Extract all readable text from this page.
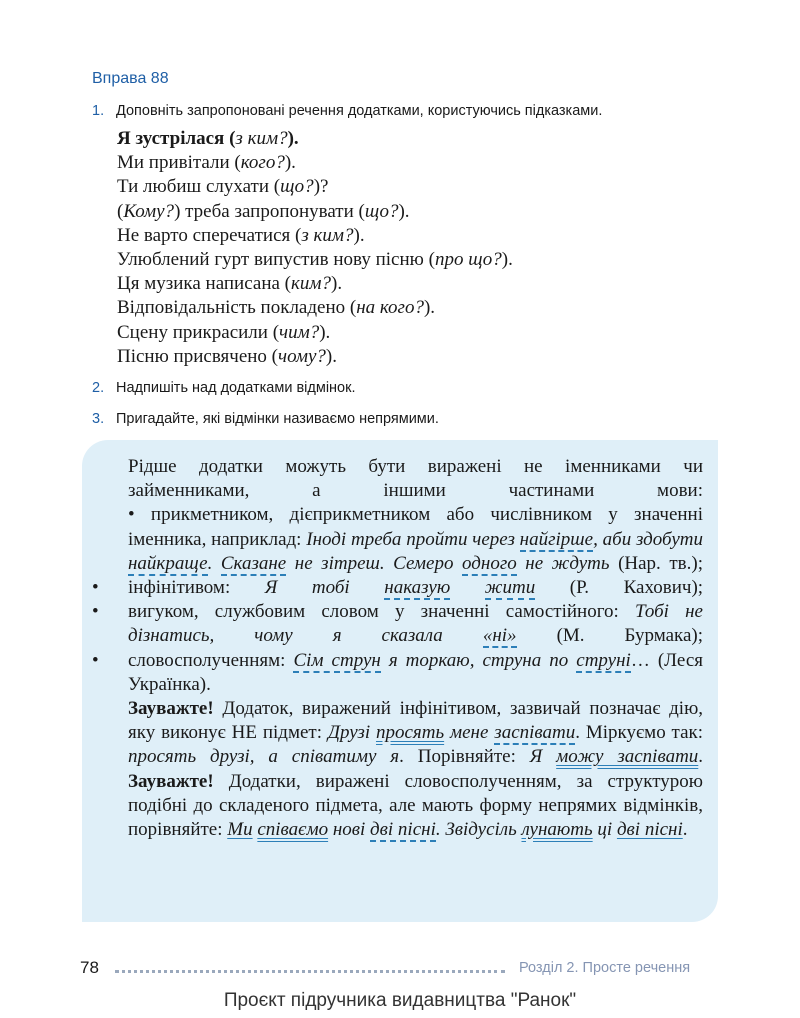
Вправа 88
1. Доповніть запропоновані речення додатками, користуючись підказками.
Я зустрілася (з ким?).
Ми привітали (кого?).
Ти любиш слухати (що?)?
(Кому?) треба запропонувати (що?).
Не варто сперечатися (з ким?).
Улюблений гурт випустив нову пісню (про що?).
Ця музика написана (ким?).
Відповідальність покладено (на кого?).
Сцену прикрасили (чим?).
Пісню присвячено (чому?).
2. Надпишіть над додатками відмінок.
3. Пригадайте, які відмінки називаємо непрямими.
Рідше додатки можуть бути виражені не іменниками чи займенниками, а іншими частинами мови:
• прикметником, дієприкметником або числівником у значенні іменника, наприклад: Іноді треба пройти через найгірше, аби здобути найкраще. Сказане не зітреш. Семеро одного не ждуть (Нар. тв.);
• інфінітивом: Я тобі наказую жити (Р. Кахович);
• вигуком, службовим словом у значенні самостійного: Тобі не дізнатись, чому я сказала «ні» (М. Бурмака);
• словосполученням: Сім струн я торкаю, струна по струні… (Леся Українка).
Зауважте! Додаток, виражений інфінітивом, зазвичай позначає дію, яку виконує НЕ підмет: Друзі просять мене заспівати. Міркуємо так: просять друзі, а співатиму я. Порівняйте: Я можу заспівати.
Зауважте! Додатки, виражені словосполученням, за структурою подібні до складеного підмета, але мають форму непрямих відмінків, порівняйте: Ми співаємо нові дві пісні. Звідусіль лунають ці дві пісні.
78	Розділ 2. Просте речення
Проєкт підручника видавництва "Ранок"
